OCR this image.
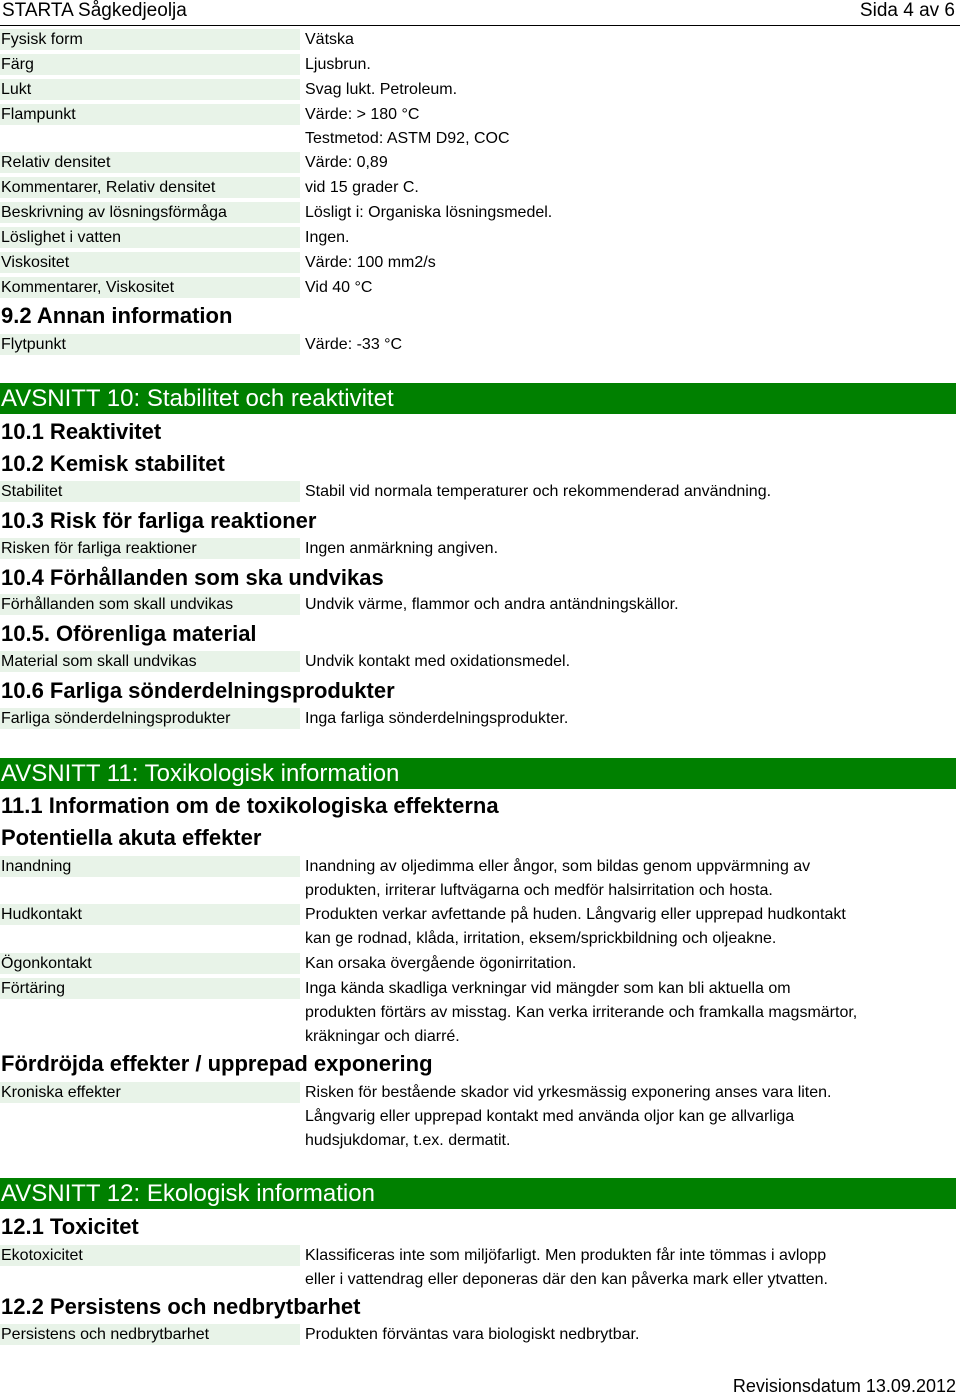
STARTA Sågkedjeolja	Sida 4 av 6
Fysisk form	Vätska
Färg	Ljusbrun.
Lukt	Svag lukt. Petroleum.
Flampunkt	Värde: > 180 °C
Testmetod: ASTM D92, COC
Relativ densitet	Värde: 0,89
Kommentarer, Relativ densitet	vid 15 grader C.
Beskrivning av lösningsförmåga	Lösligt i: Organiska lösningsmedel.
Löslighet i vatten	Ingen.
Viskositet	Värde: 100 mm2/s
Kommentarer, Viskositet	Vid 40 °C
9.2 Annan information
Flytpunkt	Värde: -33 °C
AVSNITT 10: Stabilitet och reaktivitet
10.1 Reaktivitet
10.2 Kemisk stabilitet
Stabilitet	Stabil vid normala temperaturer och rekommenderad användning.
10.3 Risk för farliga reaktioner
Risken för farliga reaktioner	Ingen anmärkning angiven.
10.4 Förhållanden som ska undvikas
Förhållanden som skall undvikas	Undvik värme, flammor och andra antändningskällor.
10.5. Oförenliga material
Material som skall undvikas	Undvik kontakt med oxidationsmedel.
10.6 Farliga sönderdelningsprodukter
Farliga sönderdelningsprodukter	Inga farliga sönderdelningsprodukter.
AVSNITT 11: Toxikologisk information
11.1 Information om de toxikologiska effekterna
Potentiella akuta effekter
Inandning	Inandning av oljedimma eller ångor, som bildas genom uppvärmning av
produkten, irriterar luftvägarna och medför halsirritation och hosta.
Hudkontakt	Produkten verkar avfettande på huden. Långvarig eller upprepad hudkontakt
kan ge rodnad, klåda, irritation, eksem/sprickbildning och oljeakne.
Ögonkontakt	Kan orsaka övergående ögonirritation.
Förtäring	Inga kända skadliga verkningar vid mängder som kan bli aktuella om
produkten förtärs av misstag. Kan verka irriterande och framkalla magsmärtor,
kräkningar och diarré.
Fördröjda effekter / upprepad exponering
Kroniska effekter	Risken för bestående skador vid yrkesmässig exponering anses vara liten.
Långvarig eller upprepad kontakt med använda oljor kan ge allvarliga
hudsjukdomar, t.ex. dermatit.
AVSNITT 12: Ekologisk information
12.1 Toxicitet
Ekotoxicitet	Klassificeras inte som miljöfarligt. Men produkten får inte tömmas i avlopp
eller i vattendrag eller deponeras där den kan påverka mark eller ytvatten.
12.2 Persistens och nedbrytbarhet
Persistens och nedbrytbarhet	Produkten förväntas vara biologiskt nedbrytbar.
Revisionsdatum 13.09.2012
